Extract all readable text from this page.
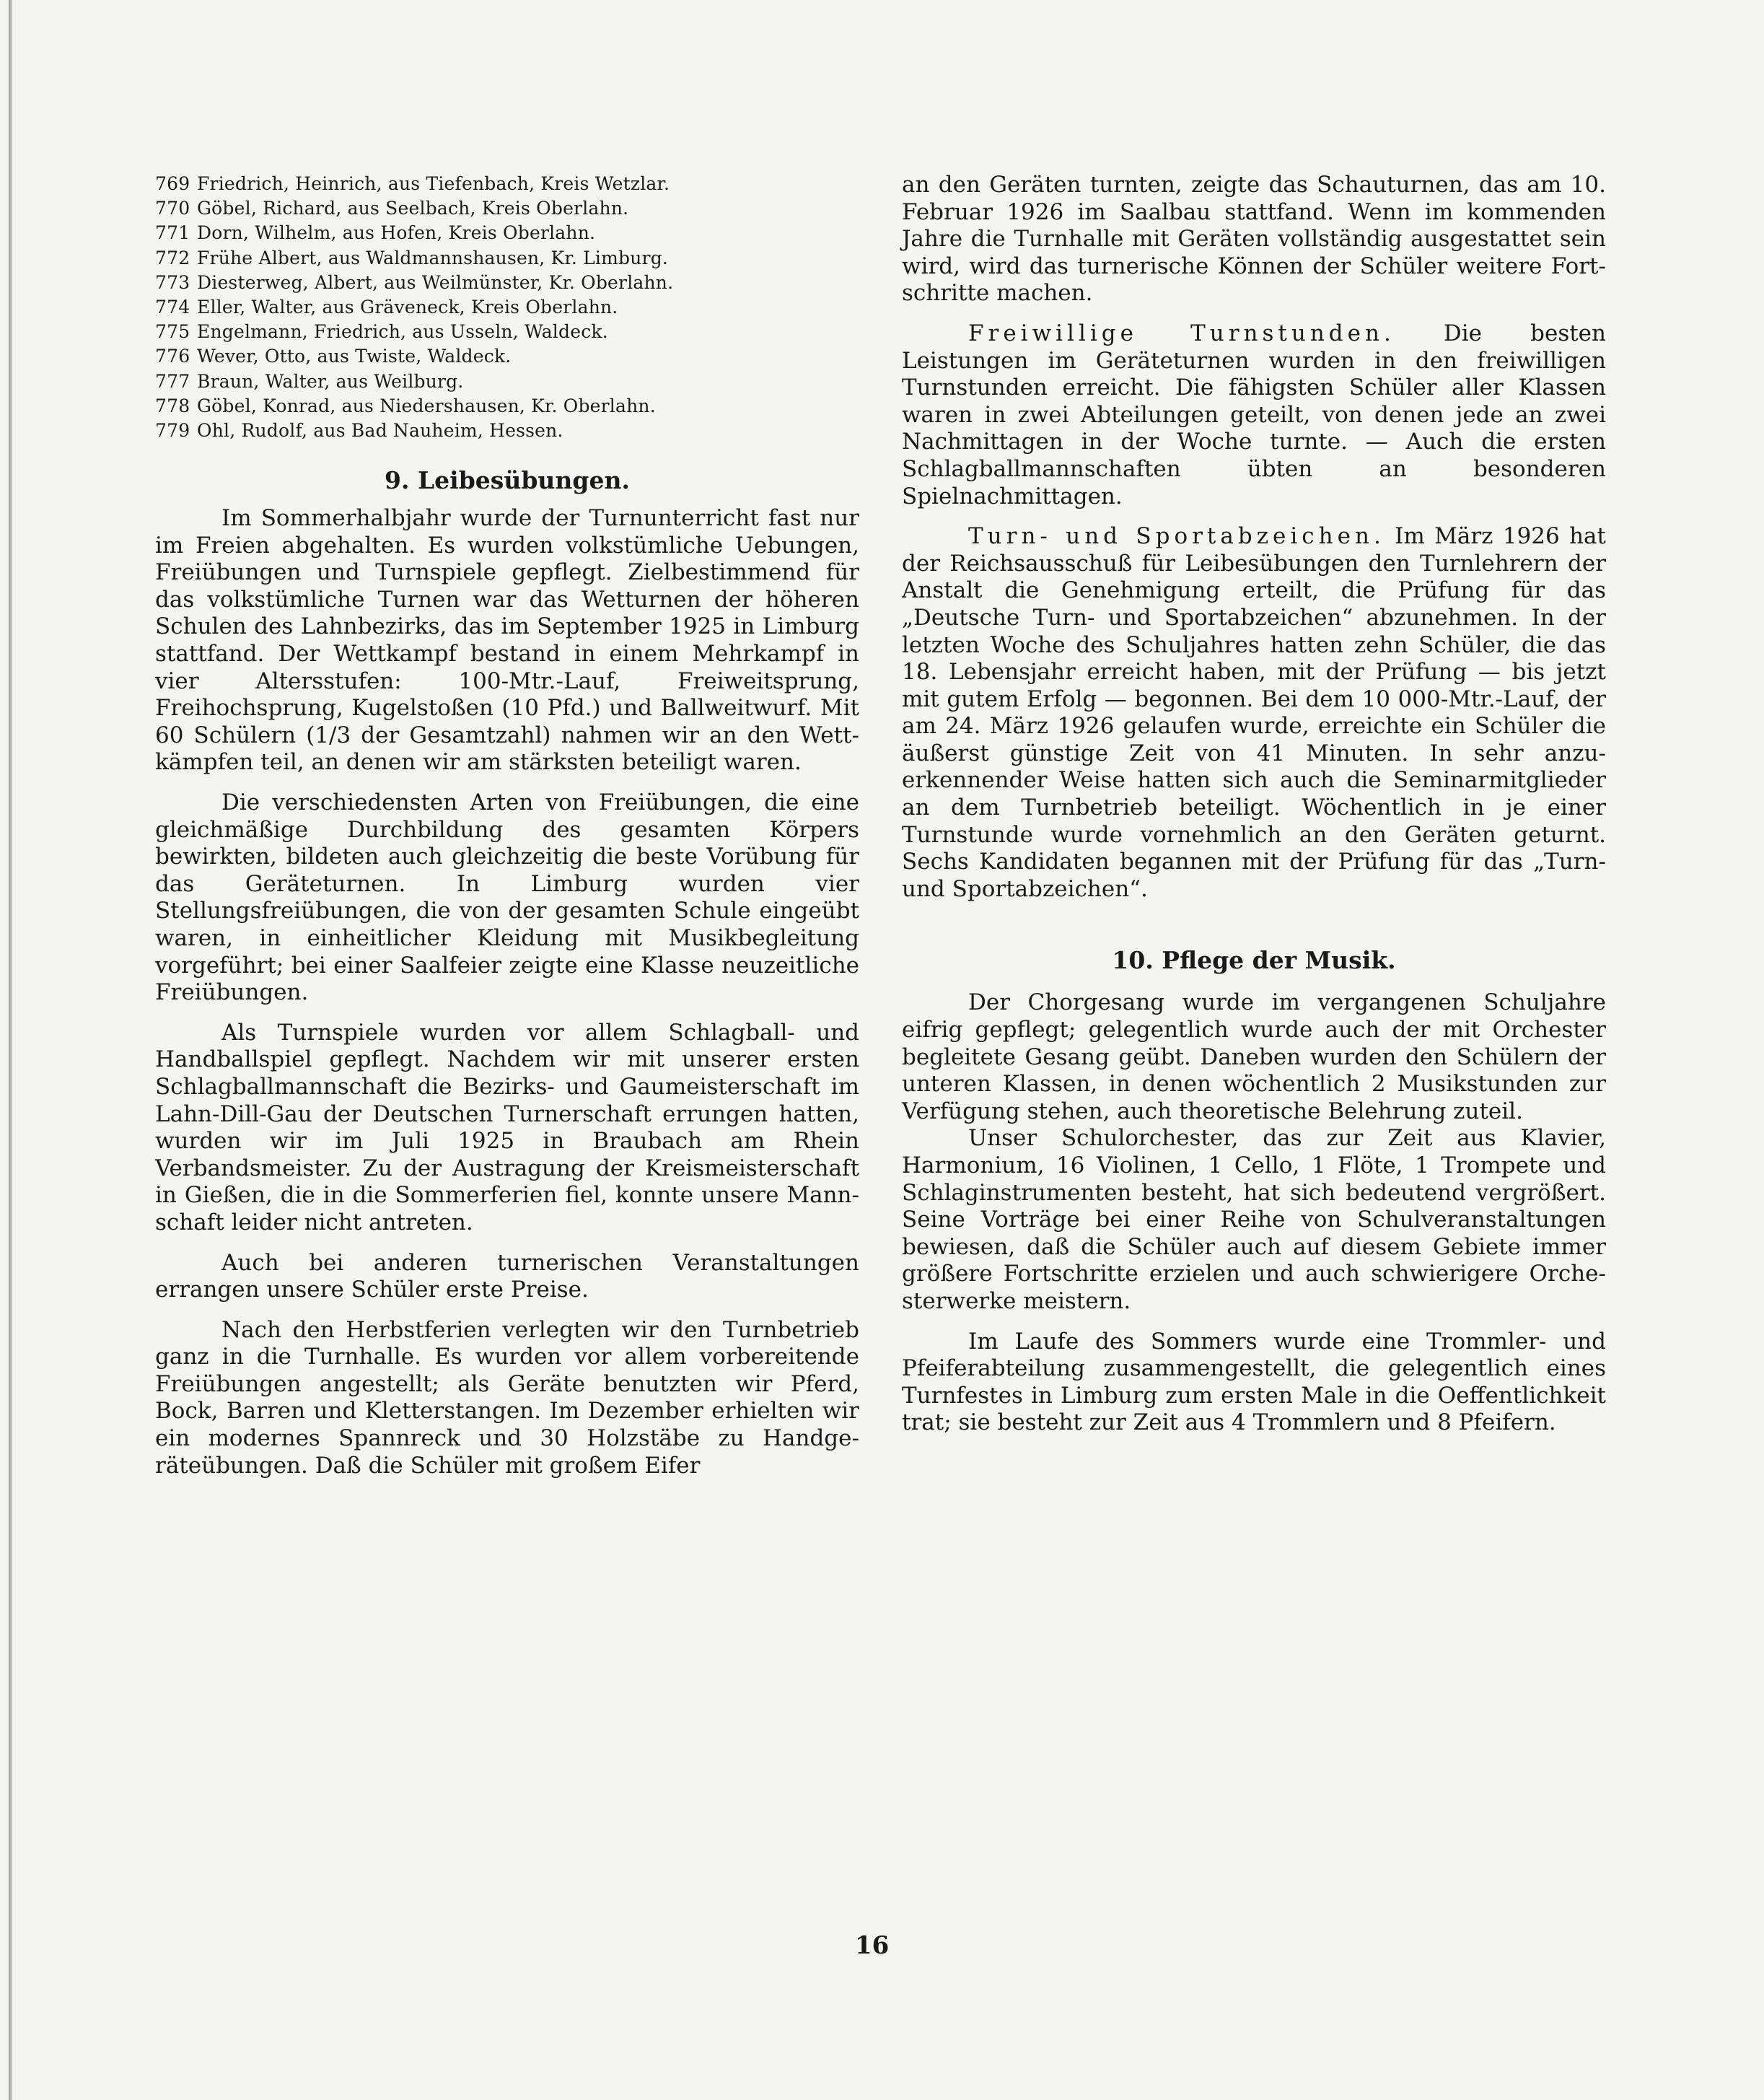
769 Friedrich, Heinrich, aus Tiefenbach, Kreis Wetzlar.
770 Göbel, Richard, aus Seelbach, Kreis Oberlahn.
771 Dorn, Wilhelm, aus Hofen, Kreis Oberlahn.
772 Frühe Albert, aus Waldmannshausen, Kr. Limburg.
773 Diesterweg, Albert, aus Weilmünster, Kr. Oberlahn.
774 Eller, Walter, aus Gräveneck, Kreis Oberlahn.
775 Engelmann, Friedrich, aus Usseln, Waldeck.
776 Wever, Otto, aus Twiste, Waldeck.
777 Braun, Walter, aus Weilburg.
778 Göbel, Konrad, aus Niedershausen, Kr. Oberlahn.
779 Ohl, Rudolf, aus Bad Nauheim, Hessen.
9. Leibesübungen.

Im Sommerhalbjahr wurde der Turnunterricht fast nur im Freien abgehalten. Es wurden volkstümliche Uebungen, Freiübungen und Turnspiele gepflegt. Zielbestimmend für das volkstümliche Turnen war das Wetturnen der höheren Schulen des Lahnbezirks, das im September 1925 in Limburg stattfand. Der Wettkampf bestand in einem Mehrkampf in vier Altersstufen: 100-Mtr.-Lauf, Freiweitsprung, Freihochsprung, Kugelstoßen (10 Pfd.) und Ballweitwurf. Mit 60 Schülern (1/3 der Gesamtzahl) nahmen wir an den Wettkämpfen teil, an denen wir am stärksten beteiligt waren.

Die verschiedensten Arten von Freiübungen, die eine gleichmäßige Durchbildung des gesamten Körpers bewirkten, bildeten auch gleichzeitig die beste Vorübung für das Geräteturnen. In Limburg wurden vier Stellungsfreiübungen, die von der gesamten Schule eingeübt waren, in einheitlicher Kleidung mit Musikbegleitung vorgeführt; bei einer Saalfeier zeigte eine Klasse neuzeitliche Freiübungen.

Als Turnspiele wurden vor allem Schlagball- und Handballspiel gepflegt. Nachdem wir mit unserer ersten Schlagballmannschaft die Bezirks- und Gaumeisterschaft im Lahn-Dill-Gau der Deutschen Turnerschaft errungen hatten, wurden wir im Juli 1925 in Braubach am Rhein Verbandsmeister. Zu der Austragung der Kreismeisterschaft in Gießen, die in die Sommerferien fiel, konnte unsere Mannschaft leider nicht antreten.

Auch bei anderen turnerischen Veranstaltungen errangen unsere Schüler erste Preise.

Nach den Herbstferien verlegten wir den Turnbetrieb ganz in die Turnhalle. Es wurden vor allem vorbereitende Freiübungen angestellt; als Geräte benutzten wir Pferd, Bock, Barren und Kletterstangen. Im Dezember erhielten wir ein modernes Spannreck und 30 Holzstäbe zu Handgeräteübungen. Daß die Schüler mit großem Eifer

an den Geräten turnten, zeigte das Schauturnen, das am 10. Februar 1926 im Saalbau stattfand. Wenn im kommenden Jahre die Turnhalle mit Geräten vollständig ausgestattet sein wird, wird das turnerische Können der Schüler weitere Fortschritte machen.

Freiwillige Turnstunden. Die besten Leistungen im Geräteturnen wurden in den freiwilligen Turnstunden erreicht. Die fähigsten Schüler aller Klassen waren in zwei Abteilungen geteilt, von denen jede an zwei Nachmittagen in der Woche turnte. — Auch die ersten Schlagballmannschaften übten an besonderen Spielnachmittagen.

Turn- und Sportabzeichen. Im März 1926 hat der Reichsausschuß für Leibesübungen den Turnlehrern der Anstalt die Genehmigung erteilt, die Prüfung für das „Deutsche Turn- und Sportabzeichen“ abzunehmen. In der letzten Woche des Schuljahres hatten zehn Schüler, die das 18. Lebensjahr erreicht haben, mit der Prüfung — bis jetzt mit gutem Erfolg — begonnen. Bei dem 10 000-Mtr.-Lauf, der am 24. März 1926 gelaufen wurde, erreichte ein Schüler die äußerst günstige Zeit von 41 Minuten. In sehr anzuerkennender Weise hatten sich auch die Seminarmitglieder an dem Turnbetrieb beteiligt. Wöchentlich in je einer Turnstunde wurde vornehmlich an den Geräten geturnt. Sechs Kandidaten begannen mit der Prüfung für das „Turn- und Sportabzeichen“.

10. Pflege der Musik.

Der Chorgesang wurde im vergangenen Schuljahre eifrig gepflegt; gelegentlich wurde auch der mit Orchester begleitete Gesang geübt. Daneben wurden den Schülern der unteren Klassen, in denen wöchentlich 2 Musikstunden zur Verfügung stehen, auch theoretische Belehrung zuteil.

Unser Schulorchester, das zur Zeit aus Klavier, Harmonium, 16 Violinen, 1 Cello, 1 Flöte, 1 Trompete und Schlaginstrumenten besteht, hat sich bedeutend vergrößert. Seine Vorträge bei einer Reihe von Schulveranstaltungen bewiesen, daß die Schüler auch auf diesem Gebiete immer größere Fortschritte erzielen und auch schwierigere Orchesterwerke meistern.

Im Laufe des Sommers wurde eine Trommler- und Pfeiferabteilung zusammengestellt, die gelegentlich eines Turnfestes in Limburg zum ersten Male in die Oeffentlichkeit trat; sie besteht zur Zeit aus 4 Trommlern und 8 Pfeifern.

16
